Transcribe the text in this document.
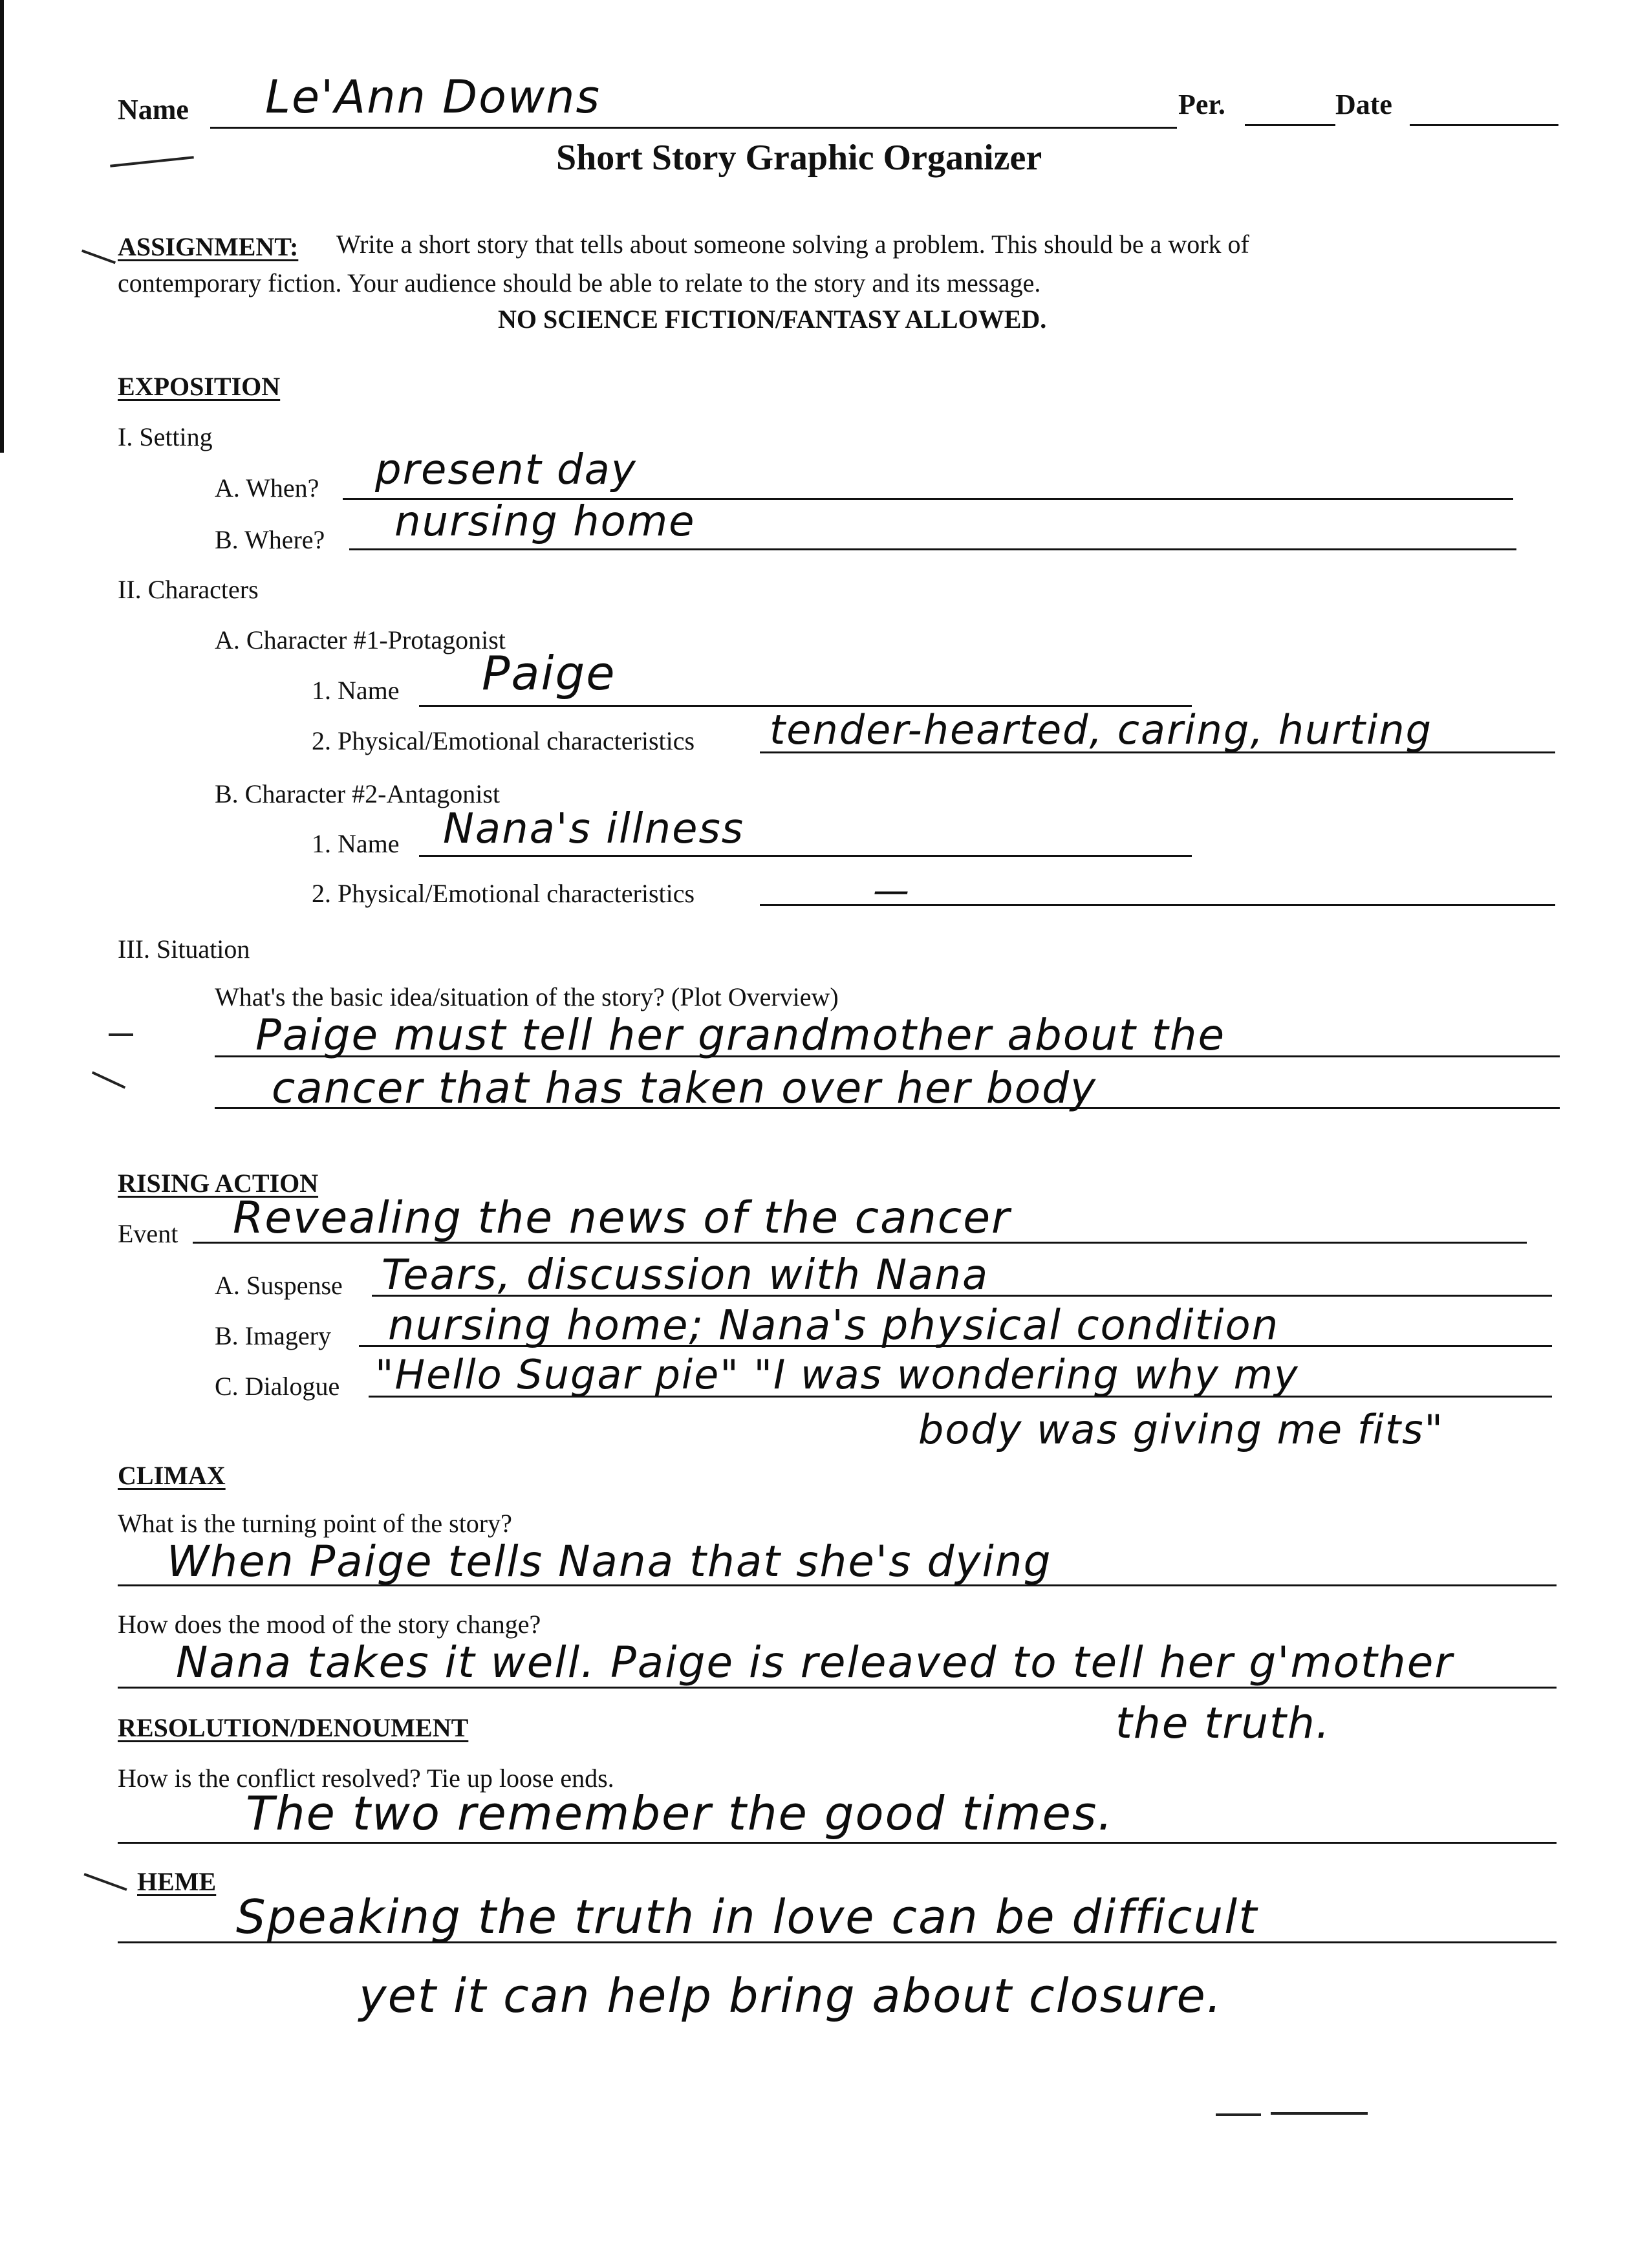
Name Le'Ann Downs	Per.	Date
Short Story Graphic Organizer
ASSIGNMENT: Write a short story that tells about someone solving a problem. This should be a work of
contemporary fiction. Your audience should be able to relate to the story and its message.
NO SCIENCE FICTION/FANTASY ALLOWED.
EXPOSITION
I. Setting
A. When? present day
B. Where? nursing home
II. Characters
A. Character #1-Protagonist
1. Name Paige
2. Physical/Emotional characteristics tender-hearted, caring, hurting
B. Character #2-Antagonist
1. Name Nana's illness
2. Physical/Emotional characteristics	—
III. Situation
What's the basic idea/situation of the story? (Plot Overview)
Paige must tell her grandmother about the
cancer that has taken over her body
RISING ACTION
Event Revealing the news of the cancer
A. Suspense Tears, discussion with Nana
B. Imagery nursing home; Nana's physical condition
C. Dialogue "Hello Sugar pie" "I was wondering why my
body was giving me fits"
CLIMAX
What is the turning point of the story?
When Paige tells Nana that she's dying
How does the mood of the story change?
Nana takes it well. Paige is releaved to tell her g'mother
the truth.
RESOLUTION/DENOUMENT
How is the conflict resolved? Tie up loose ends.
The two remember the good times.
HEME
Speaking the truth in love can be difficult
yet it can help bring about closure.
